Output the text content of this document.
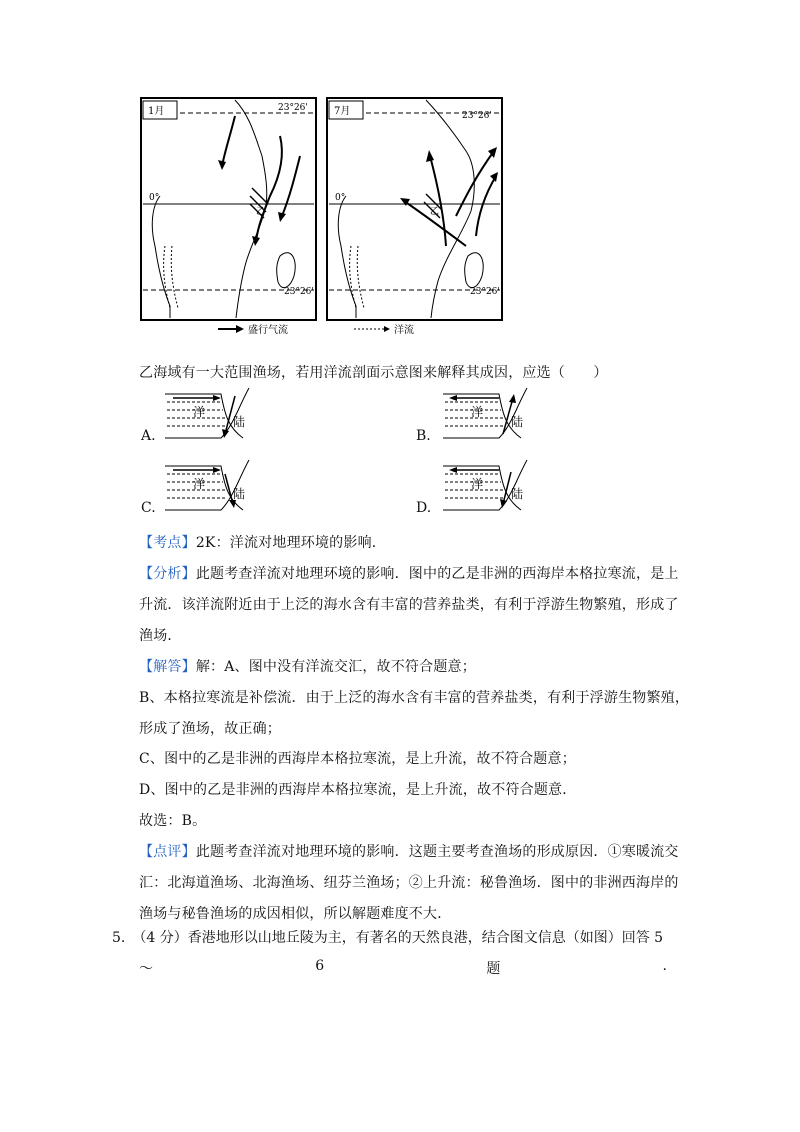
1月	23°26'
0°
23°26'
乙
7月	23°26'
0°
23°26'
乙
盛行气流	洋流
乙海域有一大范围渔场，若用洋流剖面示意图来解释其成因，应选（　　）
A.
洋
陆
B.
洋
陆
C.
洋
陆
D.
洋
陆
【考点】2K：洋流对地理环境的影响．
【分析】此题考查洋流对地理环境的影响．图中的乙是非洲的西海岸本格拉寒流，是上
升流．该洋流附近由于上泛的海水含有丰富的营养盐类，有利于浮游生物繁殖，形成了
渔场．
【解答】解：A、图中没有洋流交汇，故不符合题意；
B、本格拉寒流是补偿流．由于上泛的海水含有丰富的营养盐类，有利于浮游生物繁殖，
形成了渔场，故正确；
C、图中的乙是非洲的西海岸本格拉寒流，是上升流，故不符合题意；
D、图中的乙是非洲的西海岸本格拉寒流，是上升流，故不符合题意．
故选：B。
【点评】此题考查洋流对地理环境的影响．这题主要考查渔场的形成原因．①寒暖流交
汇：北海道渔场、北海渔场、纽芬兰渔场；②上升流：秘鲁渔场．图中的非洲西海岸的
渔场与秘鲁渔场的成因相似，所以解题难度不大．
5.　（4 分）香港地形以山地丘陵为主，有著名的天然良港，结合图文信息（如图）回答 5
～	6	题	.
